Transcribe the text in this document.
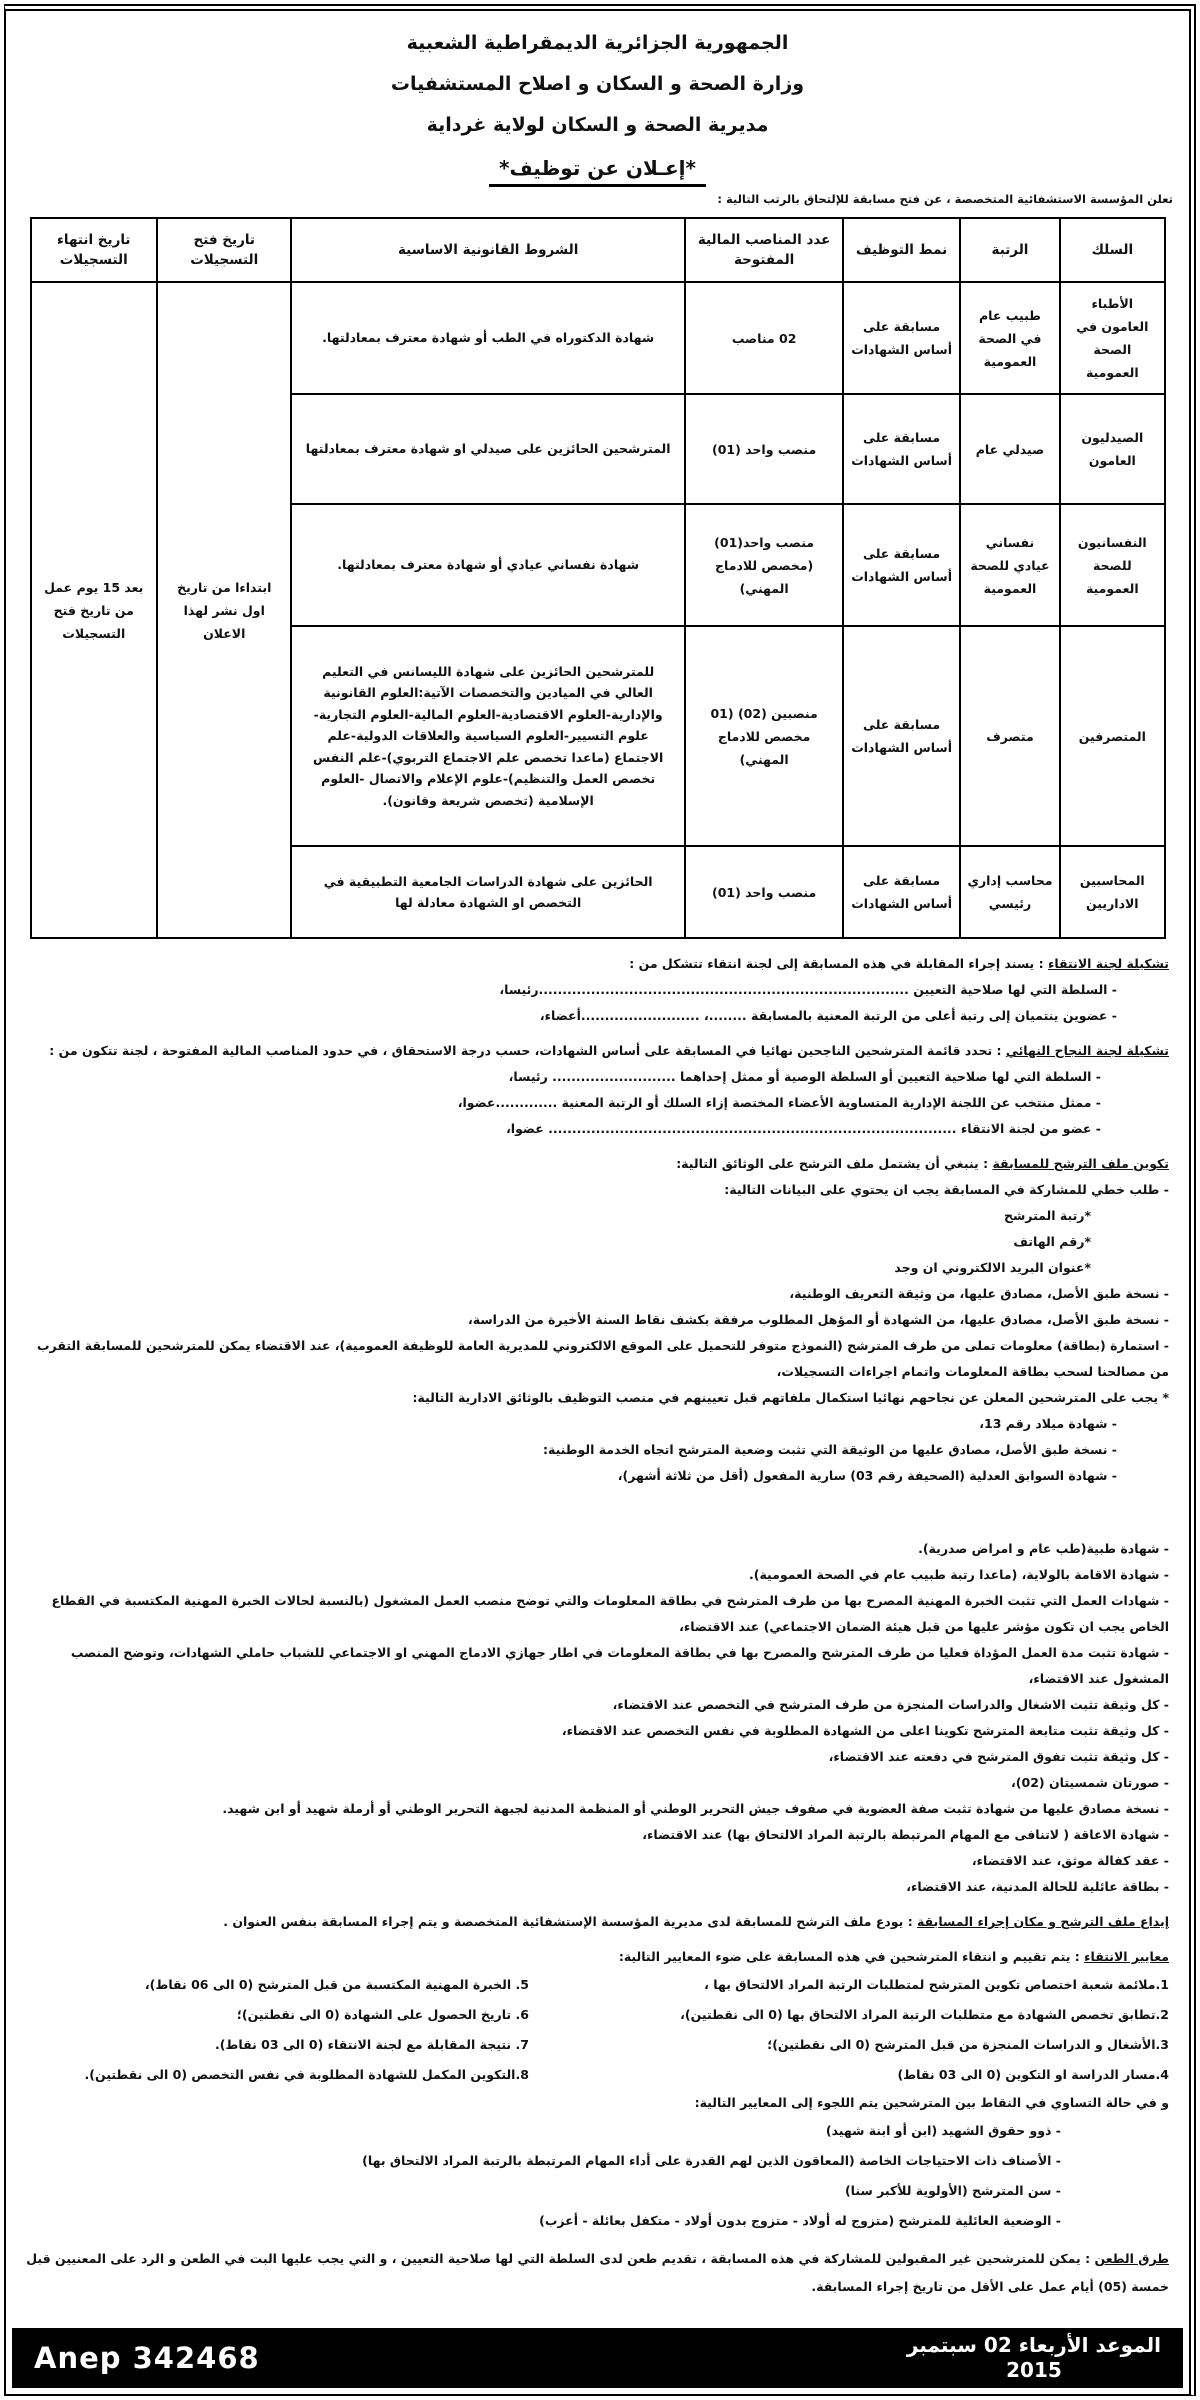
الجمهورية الجزائرية الديمقراطية الشعبية
وزارة الصحة و السكان و اصلاح المستشفيات
مديرية الصحة و السكان لولاية غرداية
*إعـلان عن توظيف*
تعلن المؤسسة الاستشفائية المتخصصة ، عن فتح مسابقة للإلتحاق بالرتب التالية :
السلك	الرتبة	نمط التوظيف	عدد المناصب المالية المفتوحة	الشروط القانونية الاساسية	تاريخ فتح التسجيلات	تاريخ انتهاء التسجيلات
الأطباء العامون في الصحة العمومية	طبيب عام في الصحة العمومية	مسابقة على أساس الشهادات	02 مناصب	شهادة الدكتوراه في الطب أو شهادة معترف بمعادلتها.	ابتداءا من تاريخ اول نشر لهذا الاعلان	بعد 15 يوم عمل من تاريخ فتح التسجيلات
الصيدليون العامون	صيدلي عام	مسابقة على أساس الشهادات	منصب واحد (01)	المترشحين الحائزين على صيدلي او شهادة معترف بمعادلتها		
النفسانيون للصحة العمومية	نفساني عيادي للصحة العمومية	مسابقة على أساس الشهادات	منصب واحد(01) (مخصص للادماج المهني)	شهادة نفساني عيادي أو شهادة معترف بمعادلتها.		
المتصرفين	متصرف	مسابقة على أساس الشهادات	منصبين (02) (01 مخصص للادماج المهني)	للمترشحين الحائزين على شهادة الليسانس في التعليم العالي في الميادين والتخصصات الآتية:العلوم القانونية والإدارية-العلوم الاقتصادية-العلوم المالية-العلوم التجارية-علوم التسيير-العلوم السياسية والعلاقات الدولية-علم الاجتماع (ماعدا تخصص علم الاجتماع التربوي)-علم النفس تخصص العمل والتنظيم)-علوم الإعلام والاتصال -العلوم الإسلامية (تخصص شريعة وقانون).		
المحاسبين الاداريين	محاسب إداري رئيسي	مسابقة على أساس الشهادات	منصب واحد (01)	الحائزين على شهادة الدراسات الجامعية التطبيقية في التخصص او الشهادة معادلة لها		
تشكيلة لجنة الانتقاء : يسند إجراء المقابلة في هذه المسابقة إلى لجنة انتقاء تتشكل من :
- السلطة التي لها صلاحية التعيين ..............................................................................رئيسا،
- عضوين ينتميان إلى رتبة أعلى من الرتبة المعنية بالمسابقة ........، .........................أعضاء،
تشكيلة لجنة النجاح النهائي : تحدد قائمة المترشحين الناجحين نهائيا في المسابقة على أساس الشهادات، حسب درجة الاستحقاق ، في حدود المناصب المالية المفتوحة ، لجنة تتكون من :
- السلطة التي لها صلاحية التعيين أو السلطة الوصية أو ممثل إحداهما .......................... رئيسا،
- ممثل منتخب عن اللجنة الإدارية المتساوية الأعضاء المختصة إزاء السلك أو الرتبة المعنية .............عضوا،
- عضو من لجنة الانتقاء ...................................................................................... عضوا،
تكوين ملف الترشح للمسابقة : ينبغي أن يشتمل ملف الترشح على الوثائق التالية:
- طلب خطي للمشاركة في المسابقة يجب ان يحتوي على البيانات التالية:
*رتبة المترشح
*رقم الهاتف
*عنوان البريد الالكتروني ان وجد
- نسخة طبق الأصل، مصادق عليها، من وثيقة التعريف الوطنية،
- نسخة طبق الأصل، مصادق عليها، من الشهادة أو المؤهل المطلوب مرفقة بكشف نقاط السنة الأخيرة من الدراسة،
- استمارة (بطاقة) معلومات تملى من طرف المترشح (النموذج متوفر للتحميل على الموقع الالكتروني للمديرية العامة للوظيفة العمومية)، عند الاقتضاء يمكن للمترشحين للمسابقة التقرب من مصالحنا لسحب بطاقة المعلومات واتمام اجراءات التسجيلات،
* يجب على المترشحين المعلن عن نجاحهم نهائيا استكمال ملفاتهم قبل تعيينهم في منصب التوظيف بالوثائق الادارية التالية:
- شهادة ميلاد رقم 13،
- نسخة طبق الأصل، مصادق عليها من الوثيقة التي تثبت وضعية المترشح اتجاه الخدمة الوطنية:
- شهادة السوابق العدلية (الصحيفة رقم 03) سارية المفعول (أقل من ثلاثة أشهر)،
- شهادة طبية(طب عام و امراض صدرية).
- شهادة الاقامة بالولاية، (ماعدا رتبة طبيب عام في الصحة العمومية).
- شهادات العمل التي تثبت الخبرة المهنية المصرح بها من طرف المترشح في بطاقة المعلومات والتي توضح منصب العمل المشغول (بالنسبة لحالات الخبرة المهنية المكتسبة في القطاع الخاص يجب ان تكون مؤشر عليها من قبل هيئة الضمان الاجتماعي) عند الاقتضاء،
- شهادة تثبت مدة العمل المؤداة فعليا من طرف المترشح والمصرح بها في بطاقة المعلومات في اطار جهازي الادماج المهني او الاجتماعي للشباب حاملي الشهادات، وتوضح المنصب المشغول عند الاقتضاء،
- كل وثيقة تثبت الاشغال والدراسات المنجزة من طرف المترشح في التخصص عند الاقتضاء،
- كل وثيقة تثبت متابعة المترشح تكوينا اعلى من الشهادة المطلوبة في نفس التخصص عند الاقتضاء،
- كل وثيقة تثبت تفوق المترشح في دفعته عند الاقتضاء،
- صورتان شمسيتان (02)،
- نسخة مصادق عليها من شهادة تثبت صفة العضوية في صفوف جيش التحرير الوطني أو المنظمة المدنية لجبهة التحرير الوطني أو أرملة شهيد أو ابن شهيد.
- شهادة الاعاقة ( لاتنافى مع المهام المرتبطة بالرتبة المراد الالتحاق بها) عند الاقتضاء،
- عقد كفالة موثق، عند الاقتضاء،
- بطاقة عائلية للحالة المدنية، عند الاقتضاء،
إيداع ملف الترشح و مكان إجراء المسابقة : يودع ملف الترشح للمسابقة لدى مديرية المؤسسة الإستشفائية المتخصصة و يتم إجراء المسابقة بنفس العنوان .
معايير الانتقاء : يتم تقييم و انتقاء المترشحين في هذه المسابقة على ضوء المعايير التالية:
1.ملائمة شعبة اختصاص تكوين المترشح لمتطلبات الرتبة المراد الالتحاق بها ،
2.تطابق تخصص الشهادة مع متطلبات الرتبة المراد الالتحاق بها (0 الى نقطتين)،
3.الأشغال و الدراسات المنجزة من قبل المترشح (0 الى نقطتين)؛
4.مسار الدراسة او التكوين (0 الى 03 نقاط)
5. الخبرة المهنية المكتسبة من قبل المترشح (0 الى 06 نقاط)،
6. تاريخ الحصول على الشهادة (0 الى نقطتين)؛
7. نتيجة المقابلة مع لجنة الانتقاء (0 الى 03 نقاط).
8.التكوين المكمل للشهادة المطلوبة في نفس التخصص (0 الى نقطتين).
و في حالة التساوي في النقاط بين المترشحين يتم اللجوء إلى المعايير التالية:
- ذوو حقوق الشهيد (ابن أو ابنة شهيد)
- الأصناف ذات الاحتياجات الخاصة (المعاقون الذين لهم القدرة على أداء المهام المرتبطة بالرتبة المراد الالتحاق بها)
- سن المترشح (الأولوية للأكبر سنا)
- الوضعية العائلية للمترشح (متزوج له أولاد - متزوج بدون أولاد - متكفل بعائلة - أعزب)
طرق الطعن : يمكن للمترشحين غير المقبولين للمشاركة في هذه المسابقة ، تقديم طعن لدى السلطة التي لها صلاحية التعيين ، و التي يجب عليها البت في الطعن و الرد على المعنيين قبل خمسة (05) أيام عمل على الأقل من تاريخ إجراء المسابقة.
الموعد الأربعاء 02 سبتمبر
2015
Anep 342468
